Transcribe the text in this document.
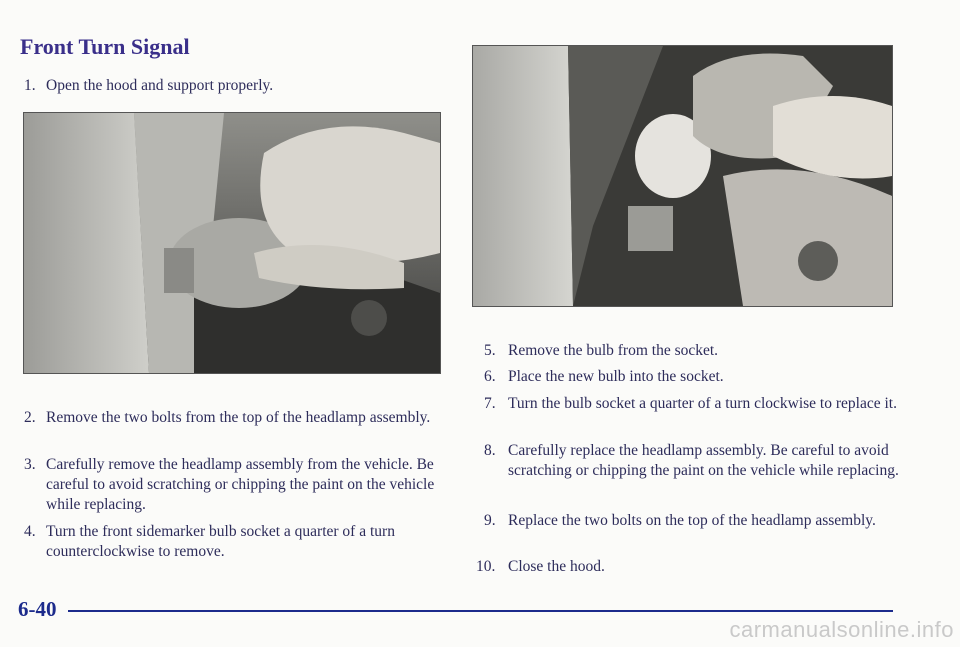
Front Turn Signal
1. Open the hood and support properly.
2. Remove the two bolts from the top of the headlamp assembly.
3. Carefully remove the headlamp assembly from the vehicle. Be careful to avoid scratching or chipping the paint on the vehicle while replacing.
4. Turn the front sidemarker bulb socket a quarter of a turn counterclockwise to remove.
5. Remove the bulb from the socket.
6. Place the new bulb into the socket.
7. Turn the bulb socket a quarter of a turn clockwise to replace it.
8. Carefully replace the headlamp assembly. Be careful to avoid scratching or chipping the paint on the vehicle while replacing.
9. Replace the two bolts on the top of the headlamp assembly.
10. Close the hood.
6-40
carmanualsonline.info
